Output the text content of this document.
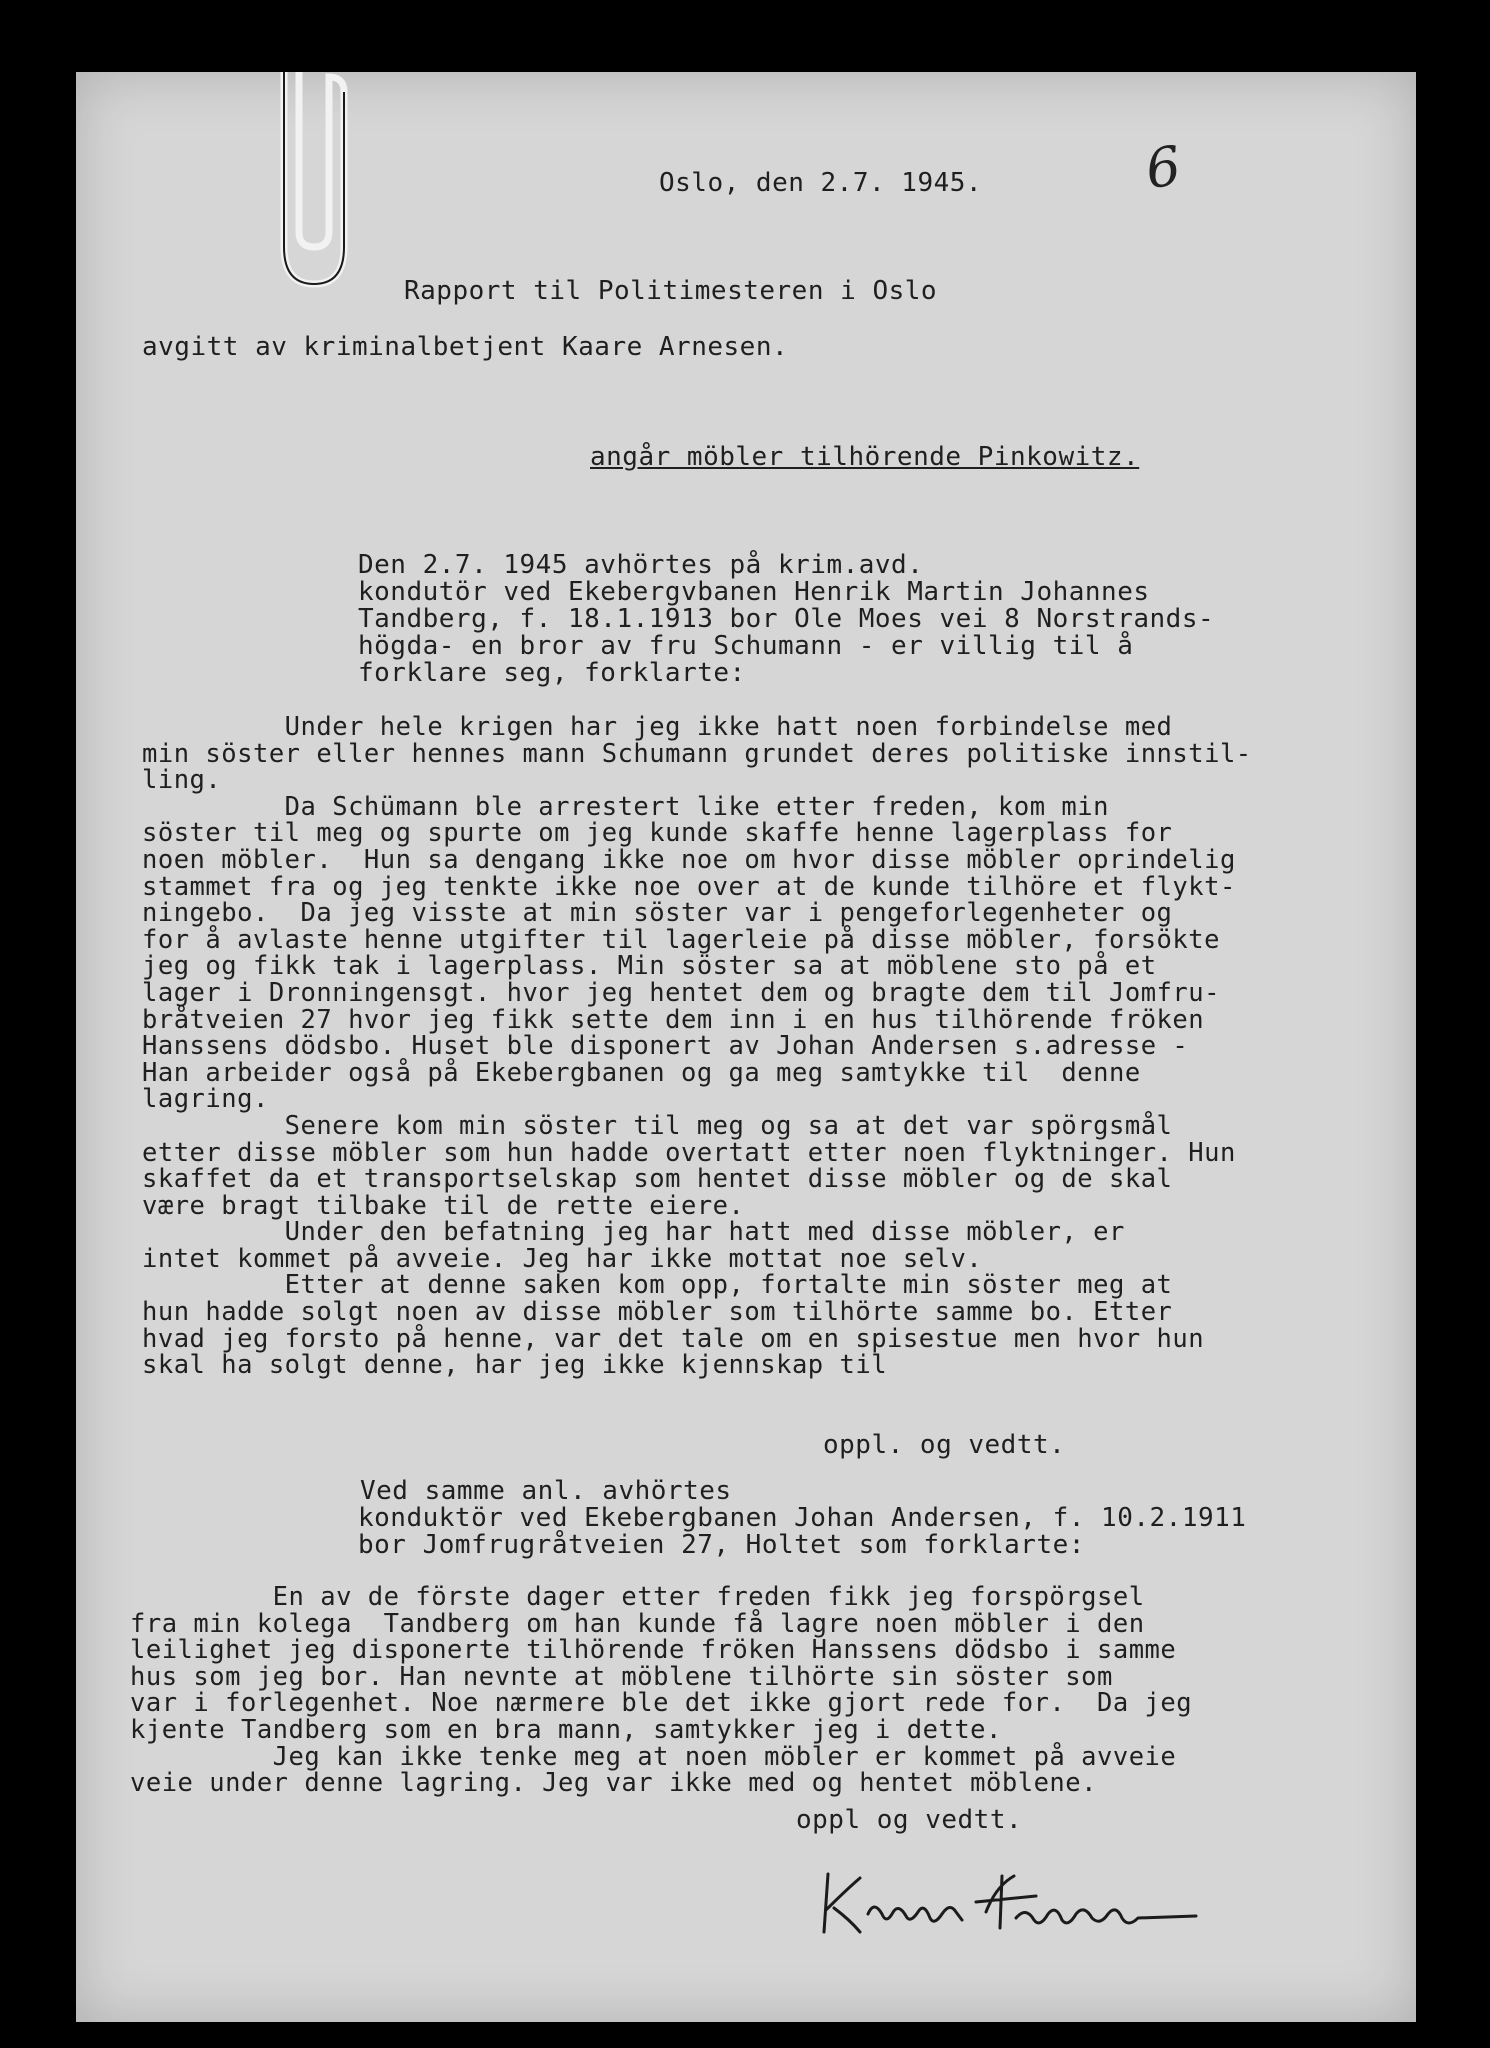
Oslo, den 2.7. 1945.	6
Rapport til Politimesteren i Oslo
avgitt av kriminalbetjent Kaare Arnesen.
angår möbler tilhörende Pinkowitz.
Den 2.7. 1945 avhörtes på krim.avd.
kondutör ved Ekebergvbanen Henrik Martin Johannes
Tandberg, f. 18.1.1913 bor Ole Moes vei 8 Norstrands-
högda- en bror av fru Schumann - er villig til å
forklare seg, forklarte:
Under hele krigen har jeg ikke hatt noen forbindelse med
min söster eller hennes mann Schumann grundet deres politiske innstil-
ling.
Da Schümann ble arrestert like etter freden, kom min
söster til meg og spurte om jeg kunde skaffe henne lagerplass for
noen möbler.  Hun sa dengang ikke noe om hvor disse möbler oprindelig
stammet fra og jeg tenkte ikke noe over at de kunde tilhöre et flykt-
ningebo.  Da jeg visste at min söster var i pengeforlegenheter og
for å avlaste henne utgifter til lagerleie på disse möbler, forsökte
jeg og fikk tak i lagerplass. Min söster sa at möblene sto på et
lager i Dronningensgt. hvor jeg hentet dem og bragte dem til Jomfru-
bråtveien 27 hvor jeg fikk sette dem inn i en hus tilhörende fröken
Hanssens dödsbo. Huset ble disponert av Johan Andersen s.adresse -
Han arbeider også på Ekebergbanen og ga meg samtykke til  denne
lagring.
Senere kom min söster til meg og sa at det var spörgsmål
etter disse möbler som hun hadde overtatt etter noen flyktninger. Hun
skaffet da et transportselskap som hentet disse möbler og de skal
være bragt tilbake til de rette eiere.
Under den befatning jeg har hatt med disse möbler, er
intet kommet på avveie. Jeg har ikke mottat noe selv.
Etter at denne saken kom opp, fortalte min söster meg at
hun hadde solgt noen av disse möbler som tilhörte samme bo. Etter
hvad jeg forsto på henne, var det tale om en spisestue men hvor hun
skal ha solgt denne, har jeg ikke kjennskap til
oppl. og vedtt.
Ved samme anl. avhörtes
konduktör ved Ekebergbanen Johan Andersen, f. 10.2.1911
bor Jomfrugråtveien 27, Holtet som forklarte:
En av de förste dager etter freden fikk jeg forspörgsel
fra min kolega  Tandberg om han kunde få lagre noen möbler i den
leilighet jeg disponerte tilhörende fröken Hanssens dödsbo i samme
hus som jeg bor. Han nevnte at möblene tilhörte sin söster som
var i forlegenhet. Noe nærmere ble det ikke gjort rede for.  Da jeg
kjente Tandberg som en bra mann, samtykker jeg i dette.
Jeg kan ikke tenke meg at noen möbler er kommet på avveie
veie under denne lagring. Jeg var ikke med og hentet möblene.
oppl og vedtt.
